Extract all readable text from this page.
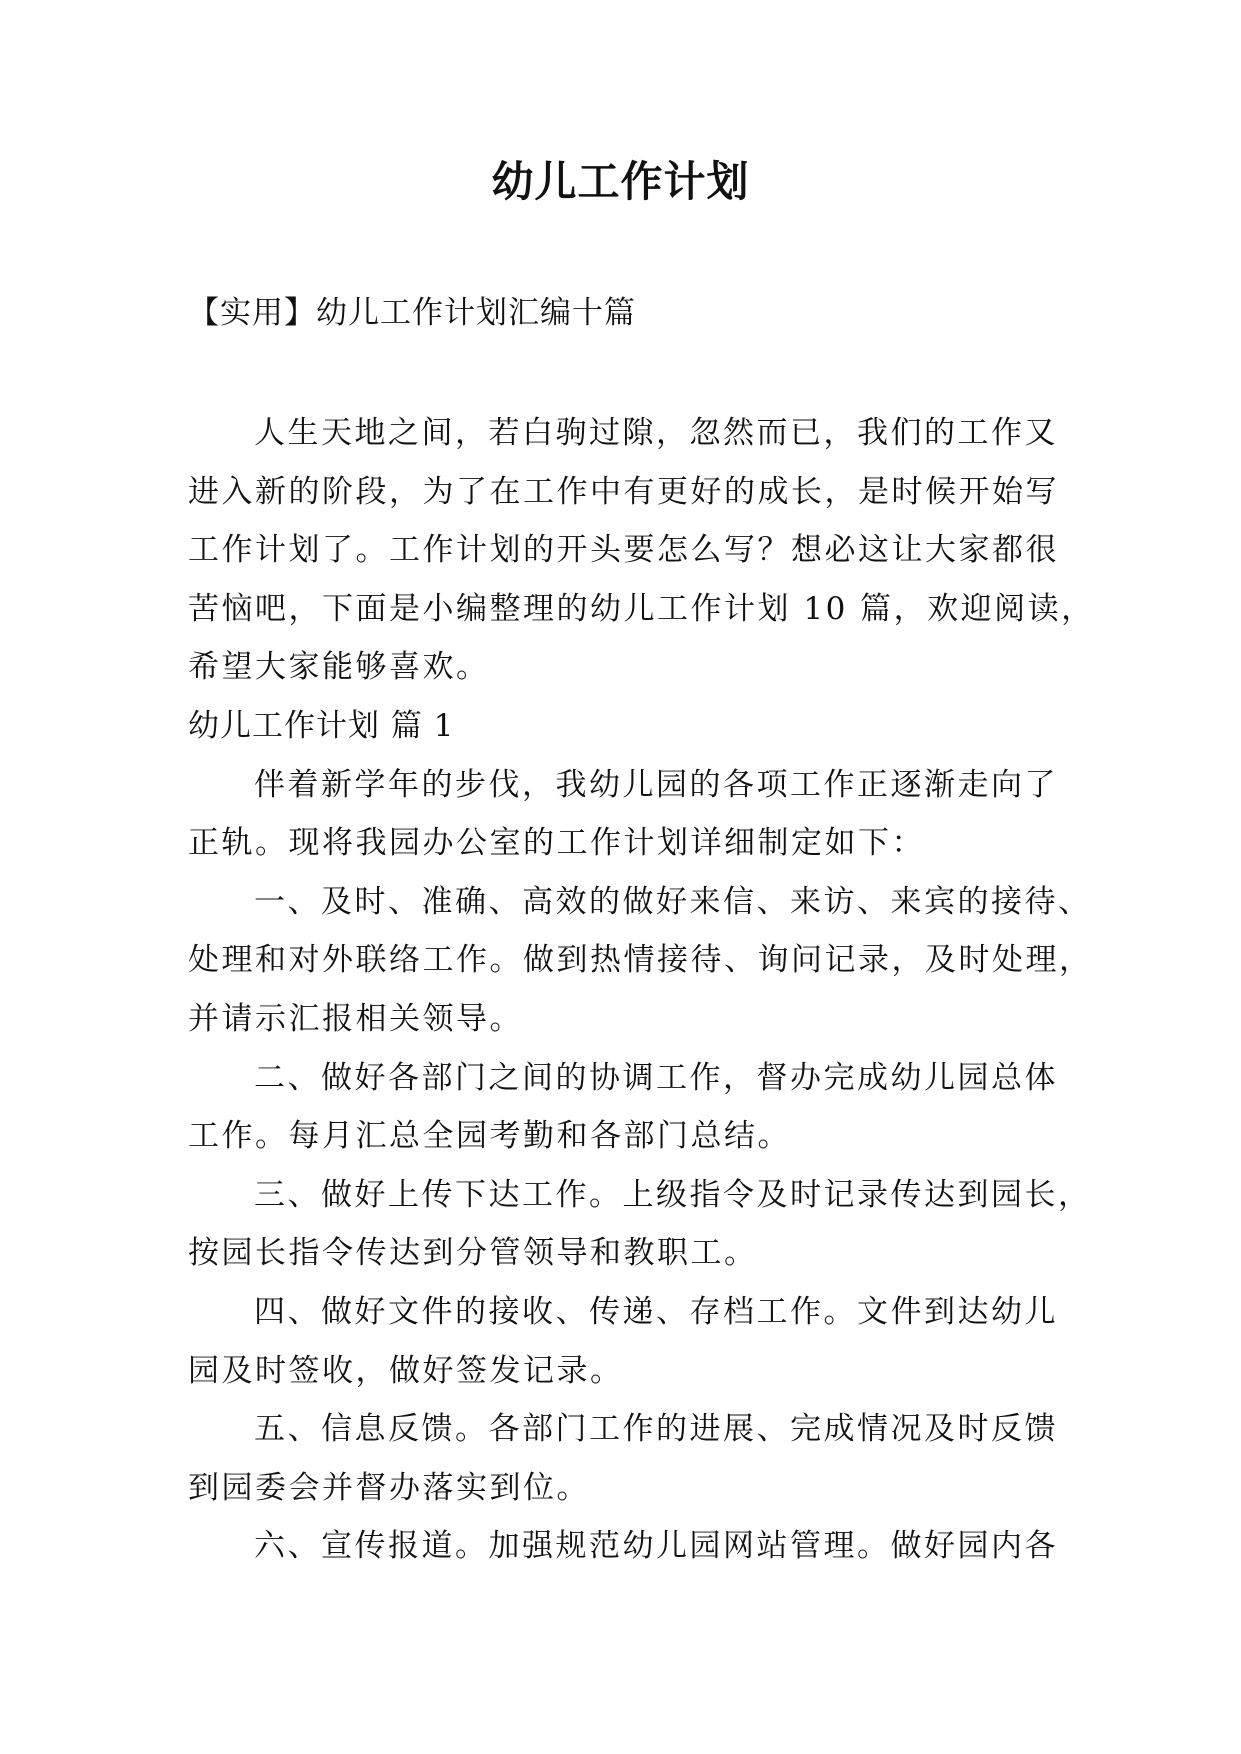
幼儿工作计划
【实用】幼儿工作计划汇编十篇
人生天地之间，若白驹过隙，忽然而已，我们的工作又
进入新的阶段，为了在工作中有更好的成长，是时候开始写
工作计划了。工作计划的开头要怎么写？想必这让大家都很
苦恼吧，下面是小编整理的幼儿工作计划 10 篇，欢迎阅读，
希望大家能够喜欢。
幼儿工作计划 篇 1
伴着新学年的步伐，我幼儿园的各项工作正逐渐走向了
正轨。现将我园办公室的工作计划详细制定如下：
一、及时、准确、高效的做好来信、来访、来宾的接待、
处理和对外联络工作。做到热情接待、询问记录，及时处理，
并请示汇报相关领导。
二、做好各部门之间的协调工作，督办完成幼儿园总体
工作。每月汇总全园考勤和各部门总结。
三、做好上传下达工作。上级指令及时记录传达到园长，
按园长指令传达到分管领导和教职工。
四、做好文件的接收、传递、存档工作。文件到达幼儿
园及时签收，做好签发记录。
五、信息反馈。各部门工作的进展、完成情况及时反馈
到园委会并督办落实到位。
六、宣传报道。加强规范幼儿园网站管理。做好园内各
